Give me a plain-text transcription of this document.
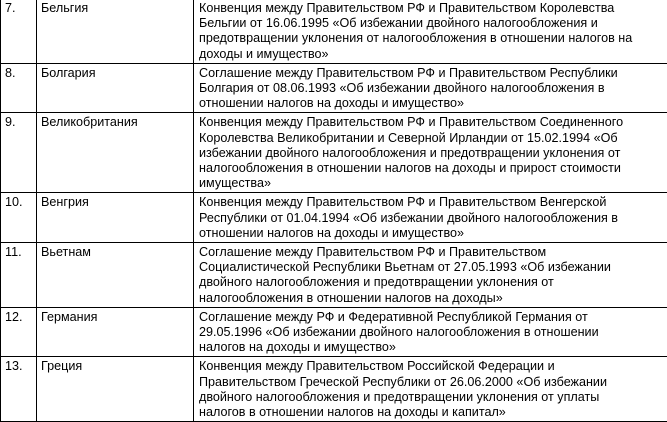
7.	Бельгия	Конвенция между Правительством РФ и Правительством Королевства
Бельгии от 16.06.1995 «Об избежании двойного налогообложения и
предотвращении уклонения от налогообложения в отношении налогов на
доходы и имущество»

8.	Болгария	Соглашение между Правительством РФ и Правительством Республики
Болгария от 08.06.1993 «Об избежании двойного налогообложения в
отношении налогов на доходы и имущество»

9.	Великобритания	Конвенция между Правительством РФ и Правительством Соединенного
Королевства Великобритании и Северной Ирландии от 15.02.1994 «Об
избежании двойного налогообложения и предотвращении уклонения от
налогообложения в отношении налогов на доходы и прирост стоимости
имущества»

10.	Венгрия	Конвенция между Правительством РФ и Правительством Венгерской
Республики от 01.04.1994 «Об избежании двойного налогообложения в
отношении налогов на доходы и имущество»

11.	Вьетнам	Соглашение между Правительством РФ и Правительством
Социалистической Республики Вьетнам от 27.05.1993 «Об избежании
двойного налогообложения и предотвращении уклонения от
налогообложения в отношении налогов на доходы»

12.	Германия	Соглашение между РФ и Федеративной Республикой Германия от
29.05.1996 «Об избежании двойного налогообложения в отношении
налогов на доходы и имущество»

13.	Греция	Конвенция между Правительством Российской Федерации и
Правительством Греческой Республики от 26.06.2000 «Об избежании
двойного налогообложения и предотвращении уклонения от уплаты
налогов в отношении налогов на доходы и капитал»
